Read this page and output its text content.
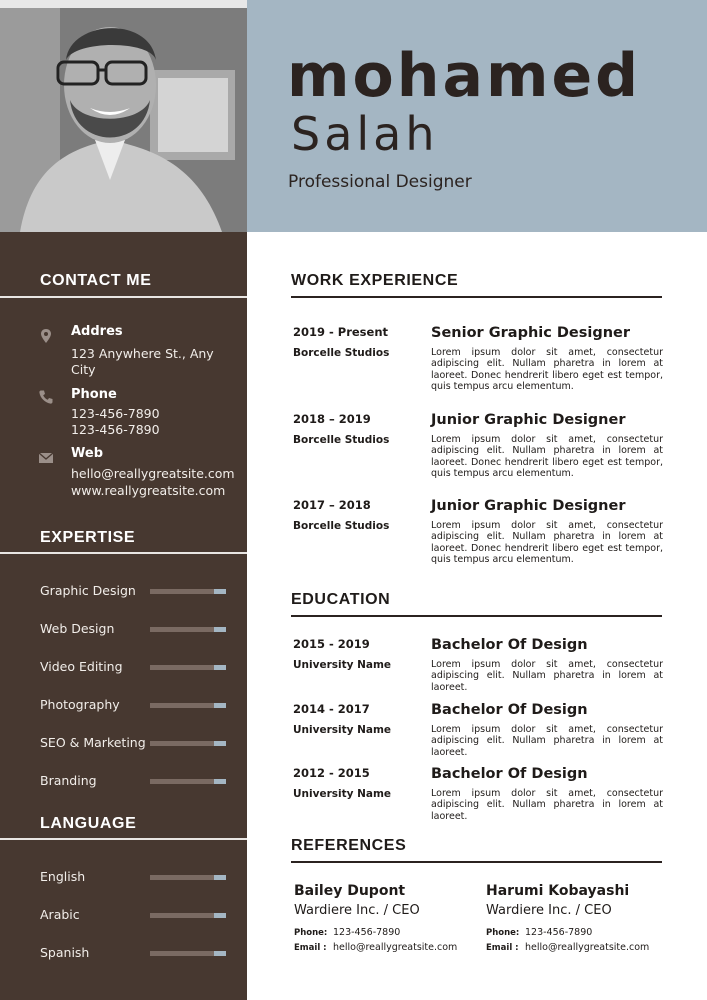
mohamed
Salah
Professional Designer
CONTACT ME
Addres
123 Anywhere St., Any City
Phone
123-456-7890
123-456-7890
Web
hello@reallygreatsite.com
www.reallygreatsite.com
EXPERTISE
Graphic Design
Web Design
Video Editing
Photography
SEO & Marketing
Branding
LANGUAGE
English
Arabic
Spanish
WORK EXPERIENCE
2019 - Present
Borcelle Studios
Senior Graphic Designer
Lorem ipsum dolor sit amet, consectetur adipiscing elit. Nullam pharetra in lorem at laoreet. Donec hendrerit libero eget est tempor, quis tempus arcu elementum.
2018 – 2019
Borcelle Studios
Junior Graphic Designer
Lorem ipsum dolor sit amet, consectetur adipiscing elit. Nullam pharetra in lorem at laoreet. Donec hendrerit libero eget est tempor, quis tempus arcu elementum.
2017 – 2018
Borcelle Studios
Junior Graphic Designer
Lorem ipsum dolor sit amet, consectetur adipiscing elit. Nullam pharetra in lorem at laoreet. Donec hendrerit libero eget est tempor, quis tempus arcu elementum.
EDUCATION
2015 - 2019
University Name
Bachelor Of Design
Lorem ipsum dolor sit amet, consectetur adipiscing elit. Nullam pharetra in lorem at laoreet.
2014 - 2017
University Name
Bachelor Of Design
Lorem ipsum dolor sit amet, consectetur adipiscing elit. Nullam pharetra in lorem at laoreet.
2012 - 2015
University Name
Bachelor Of Design
Lorem ipsum dolor sit amet, consectetur adipiscing elit. Nullam pharetra in lorem at laoreet.
REFERENCES
Bailey Dupont
Wardiere Inc. / CEO
Phone: 123-456-7890
Email : hello@reallygreatsite.com
Harumi Kobayashi
Wardiere Inc. / CEO
Phone: 123-456-7890
Email : hello@reallygreatsite.com
